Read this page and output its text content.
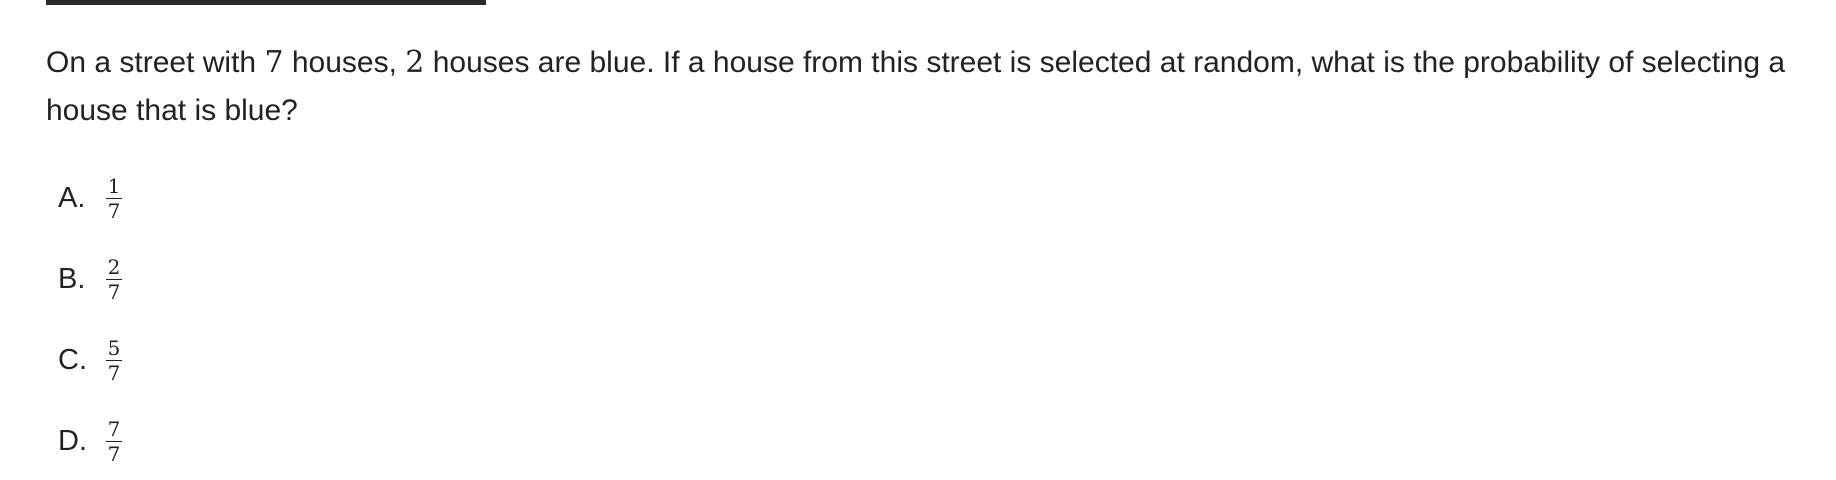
On a street with 7 houses, 2 houses are blue. If a house from this street is selected at random, what is the probability of selecting a house that is blue?
A.	$\frac{1}{7}$
B.	$\frac{2}{7}$
C. $\frac{5}{7}$
D. $\frac{7}{7}$
